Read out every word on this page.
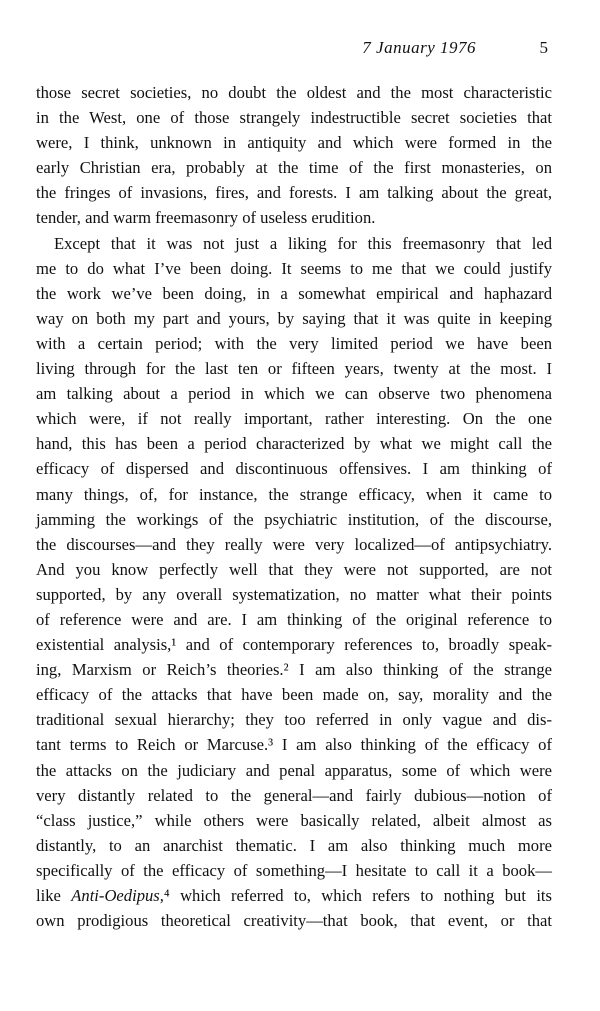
7 January 1976	5
those secret societies, no doubt the oldest and the most characteristic
in the West, one of those strangely indestructible secret societies that
were, I think, unknown in antiquity and which were formed in the
early Christian era, probably at the time of the first monasteries, on
the fringes of invasions, fires, and forests. I am talking about the great,
tender, and warm freemasonry of useless erudition.
Except that it was not just a liking for this freemasonry that led
me to do what I’ve been doing. It seems to me that we could justify
the work we’ve been doing, in a somewhat empirical and haphazard
way on both my part and yours, by saying that it was quite in keeping
with a certain period; with the very limited period we have been
living through for the last ten or fifteen years, twenty at the most. I
am talking about a period in which we can observe two phenomena
which were, if not really important, rather interesting. On the one
hand, this has been a period characterized by what we might call the
efficacy of dispersed and discontinuous offensives. I am thinking of
many things, of, for instance, the strange efficacy, when it came to
jamming the workings of the psychiatric institution, of the discourse,
the discourses—and they really were very localized—of antipsychiatry.
And you know perfectly well that they were not supported, are not
supported, by any overall systematization, no matter what their points
of reference were and are. I am thinking of the original reference to
existential analysis,¹ and of contemporary references to, broadly speak-
ing, Marxism or Reich’s theories.² I am also thinking of the strange
efficacy of the attacks that have been made on, say, morality and the
traditional sexual hierarchy; they too referred in only vague and dis-
tant terms to Reich or Marcuse.³ I am also thinking of the efficacy of
the attacks on the judiciary and penal apparatus, some of which were
very distantly related to the general—and fairly dubious—notion of
“class justice,” while others were basically related, albeit almost as
distantly, to an anarchist thematic. I am also thinking much more
specifically of the efficacy of something—I hesitate to call it a book—
like Anti-Oedipus,⁴ which referred to, which refers to nothing but its
own prodigious theoretical creativity—that book, that event, or that
